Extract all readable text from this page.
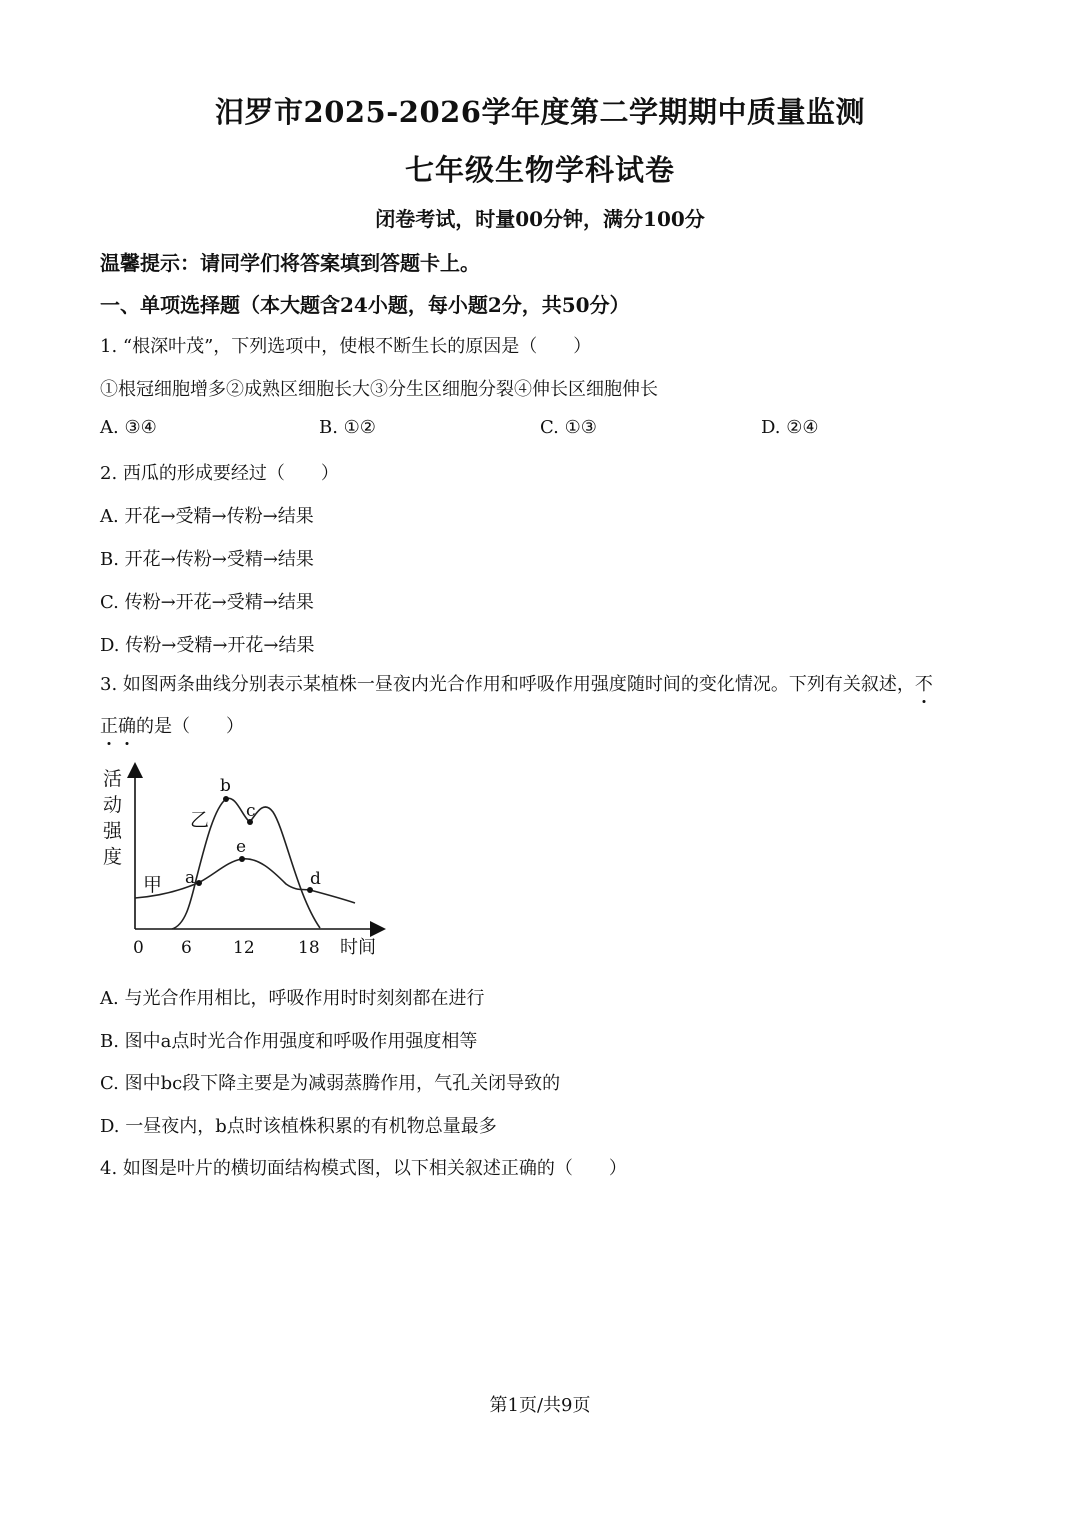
汨罗市2025-2026学年度第二学期期中质量监测
七年级生物学科试卷
闭卷考试，时量00分钟，满分100分
温馨提示：请同学们将答案填到答题卡上。
一、单项选择题（本大题含24小题，每小题2分，共50分）
1. “根深叶茂”，下列选项中，使根不断生长的原因是（　　）
①根冠细胞增多②成熟区细胞长大③分生区细胞分裂④伸长区细胞伸长
A. ③④	B. ①②	C. ①③	D. ②④
2. 西瓜的形成要经过（　　）
A. 开花→受精→传粉→结果
B. 开花→传粉→受精→结果
C. 传粉→开花→受精→结果
D. 传粉→受精→开花→结果
3. 如图两条曲线分别表示某植株一昼夜内光合作用和呼吸作用强度随时间的变化情况。下列有关叙述，不
正确的是（　　）
活
动
强
度
0 6 12	18 时间
乙
甲 a
b
c
d
e
A. 与光合作用相比，呼吸作用时时刻刻都在进行
B. 图中a点时光合作用强度和呼吸作用强度相等
C. 图中bc段下降主要是为减弱蒸腾作用，气孔关闭导致的
D. 一昼夜内，b点时该植株积累的有机物总量最多
4. 如图是叶片的横切面结构模式图，以下相关叙述正确的（　　）
第1页/共9页
